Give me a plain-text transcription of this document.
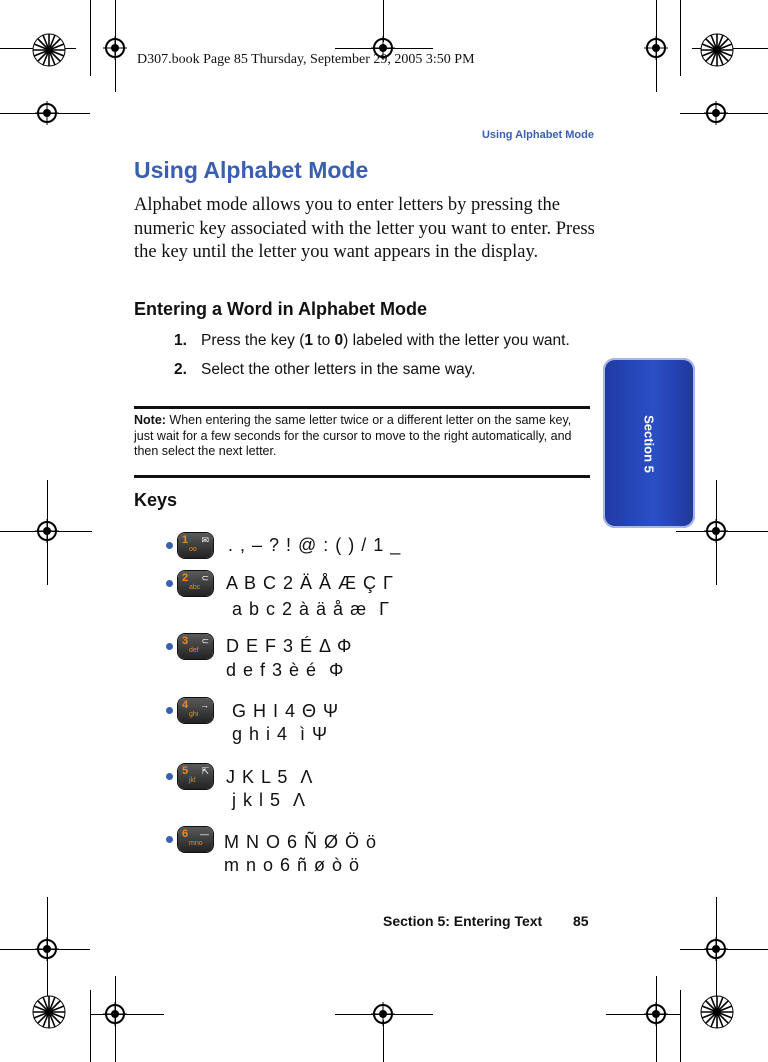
D307.book Page 85 Thursday, September 29, 2005 3:50 PM
Using Alphabet Mode
Section 5
Using Alphabet Mode
Alphabet mode allows you to enter letters by pressing the numeric key associated with the letter you want to enter. Press the key until the letter you want appears in the display.
Entering a Word in Alphabet Mode
1. Press the key (1 to 0) labeled with the letter you want.
2. Select the other letters in the same way.
Note: When entering the same letter twice or a different letter on the same key, just wait for a few seconds for the cursor to move to the right automatically, and then select the next letter.
Keys
1
oo
✉ . , – ? ! @ : ( ) / 1 _
2
abc
⊂ A B C 2 Ä Å Æ Ç Γ
a b c 2 à ä å æ  Γ
3
def
⊂ D E F 3 É Δ Φ
d e f 3 è é  Φ
4
ghi
→ G H I 4 Θ Ψ
g h i 4  ì Ψ
5
jkl
⇱ J K L 5  Λ
j k l 5  Λ
6
mno
— M N O 6 Ñ Ø Ö ö
m n o 6 ñ ø ò ö
Section 5: Entering Text 85
